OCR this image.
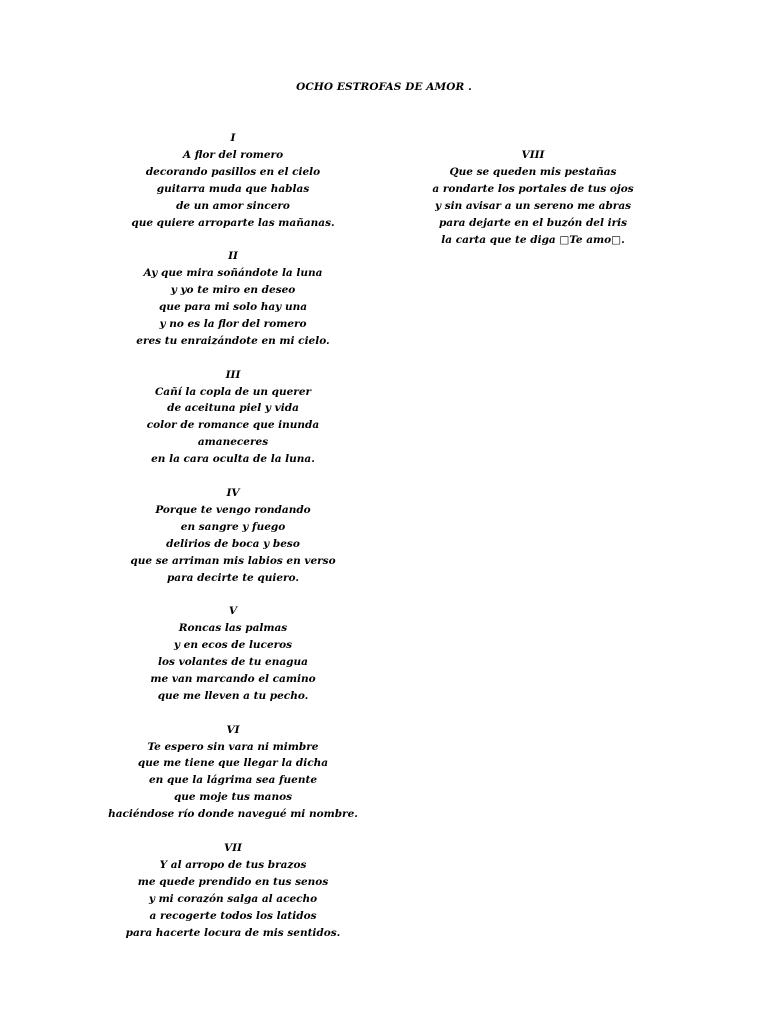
OCHO ESTROFAS DE AMOR .
I
A flor del romero
decorando pasillos en el cielo
guitarra muda que hablas
de un amor sincero
que quiere arroparte las mañanas.
II
Ay que mira soñándote la luna
y yo te miro en deseo
que para mi solo hay una
y no es la flor del romero
eres tu enraizándote en mi cielo.
III
Cañí la copla de un querer
de aceituna piel y vida
color de romance que inunda
amaneceres
en la cara oculta de la luna.
IV
Porque te vengo rondando
en sangre y fuego
delirios de boca y beso
que se arriman mis labios en verso
para decirte te quiero.
V
Roncas las palmas
y en ecos de luceros
los volantes de tu enagua
me van marcando el camino
que me lleven a tu pecho.
VI
Te espero sin vara ni mimbre
que me tiene que llegar la dicha
en que la lágrima sea fuente
que moje tus manos
haciéndose río donde navegué mi nombre.
VII
Y al arropo de tus brazos
me quede prendido en tus senos
y mi corazón salga al acecho
a recogerte todos los latidos
para hacerte locura de mis sentidos.
VIII
Que se queden mis pestañas
a rondarte los portales de tus ojos
y sin avisar a un sereno me abras
para dejarte en el buzón del iris
la carta que te diga □Te amo□.
